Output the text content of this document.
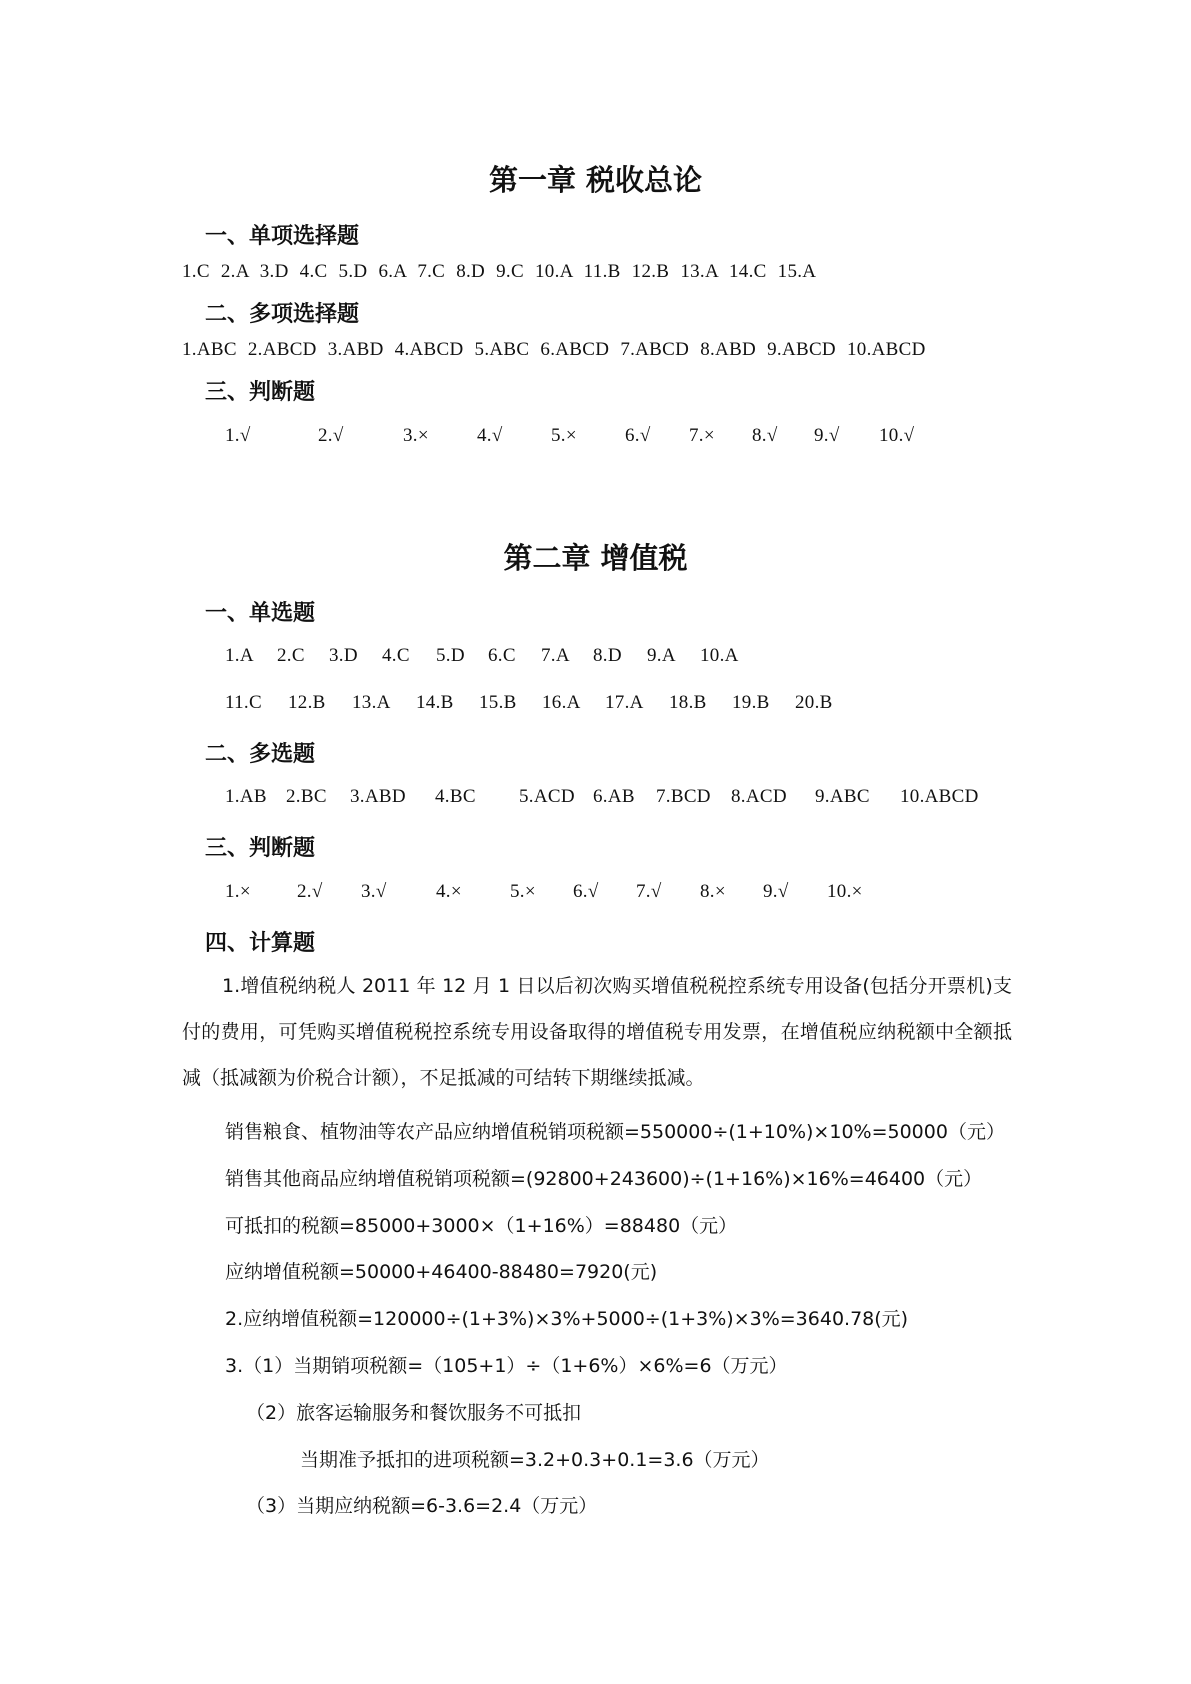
第一章 税收总论
一、单项选择题
1.C 2.A 3.D 4.C 5.D 6.A 7.C 8.D 9.C 10.A 11.B 12.B 13.A 14.C 15.A
二、多项选择题
1.ABC 2.ABCD 3.ABD 4.ABCD 5.ABC 6.ABCD 7.ABCD 8.ABD 9.ABCD 10.ABCD
三、判断题
1.√	2.√	3.×	4.√	5.×	6.√ 7.× 8.√ 9.√ 10.√
第二章 增值税
一、单选题
1.A 2.C 3.D 4.C 5.D 6.C 7.A 8.D 9.A 10.A
11.C 12.B 13.A 14.B 15.B 16.A 17.A 18.B 19.B 20.B
二、多选题
1.AB 2.BC 3.ABD 4.BC 5.ACD 6.AB 7.BCD 8.ACD 9.ABC 10.ABCD
三、判断题
1.× 2.√ 3.√	4.×	5.× 6.√ 7.√ 8.× 9.√ 10.×
四、计算题
1.增值税纳税人 2011 年 12 月 1 日以后初次购买增值税税控系统专用设备(包括分开票机)支付的费用，可凭购买增值税税控系统专用设备取得的增值税专用发票，在增值税应纳税额中全额抵减（抵减额为价税合计额），不足抵减的可结转下期继续抵减。
销售粮食、植物油等农产品应纳增值税销项税额=550000÷(1+10%)×10%=50000（元）
销售其他商品应纳增值税销项税额=(92800+243600)÷(1+16%)×16%=46400（元）
可抵扣的税额=85000+3000×（1+16%）=88480（元）
应纳增值税额=50000+46400-88480=7920(元)
2.应纳增值税额=120000÷(1+3%)×3%+5000÷(1+3%)×3%=3640.78(元)
3.（1）当期销项税额=（105+1）÷（1+6%）×6%=6（万元）
（2）旅客运输服务和餐饮服务不可抵扣
当期准予抵扣的进项税额=3.2+0.3+0.1=3.6（万元）
（3）当期应纳税额=6-3.6=2.4（万元）
